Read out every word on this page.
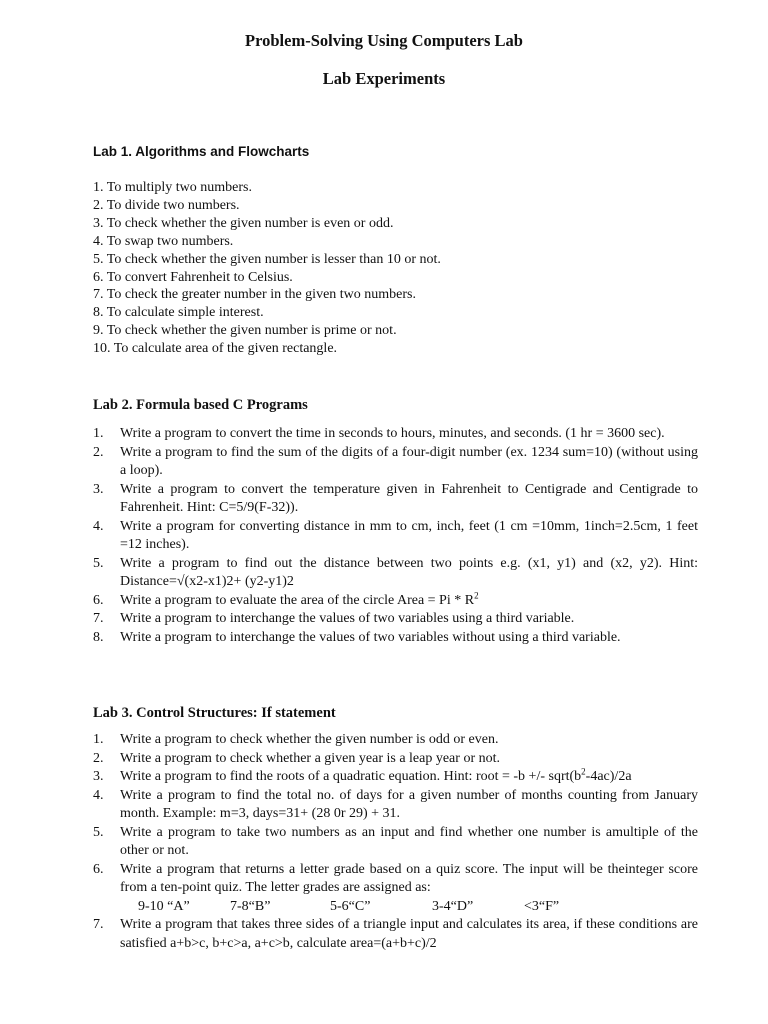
Problem-Solving Using Computers Lab
Lab Experiments
Lab 1. Algorithms and Flowcharts
1. To multiply two numbers.
2. To divide two numbers.
3. To check whether the given number is even or odd.
4. To swap two numbers.
5. To check whether the given number is lesser than 10 or not.
6. To convert Fahrenheit to Celsius.
7. To check the greater number in the given two numbers.
8. To calculate simple interest.
9. To check whether the given number is prime or not.
10. To calculate area of the given rectangle.
Lab 2. Formula based C Programs
1. Write a program to convert the time in seconds to hours, minutes, and seconds. (1 hr = 3600 sec).
2. Write a program to find the sum of the digits of a four-digit number (ex. 1234 sum=10) (without using a loop).
3. Write a program to convert the temperature given in Fahrenheit to Centigrade and Centigrade to Fahrenheit. Hint: C=5/9(F-32)).
4. Write a program for converting distance in mm to cm, inch, feet (1 cm =10mm, 1inch=2.5cm, 1 feet =12 inches).
5. Write a program to find out the distance between two points e.g. (x1, y1) and (x2, y2). Hint: Distance=√(x2-x1)2+ (y2-y1)2
6. Write a program to evaluate the area of the circle Area = Pi * $R^2$
7. Write a program to interchange the values of two variables using a third variable.
8. Write a program to interchange the values of two variables without using a third variable.
Lab 3. Control Structures: If statement
1. Write a program to check whether the given number is odd or even.
2. Write a program to check whether a given year is a leap year or not.
3. Write a program to find the roots of a quadratic equation. Hint: root = -b +/- $sqrt(b^2-4ac)/2a$
4. Write a program to find the total no. of days for a given number of months counting from January month. Example: m=3, days=31+ (28 0r 29) + 31.
5. Write a program to take two numbers as an input and find whether one number is amultiple of the other or not.
6. Write a program that returns a letter grade based on a quiz score. The input will be theinteger score from a ten-point quiz. The letter grades are assigned as:
9-10 “A”	7-8“B”	5-6“C”	3-4“D”	<3“F”
7. Write a program that takes three sides of a triangle input and calculates its area, if these conditions are satisfied a+b>c, b+c>a, a+c>b, calculate area=(a+b+c)/2
